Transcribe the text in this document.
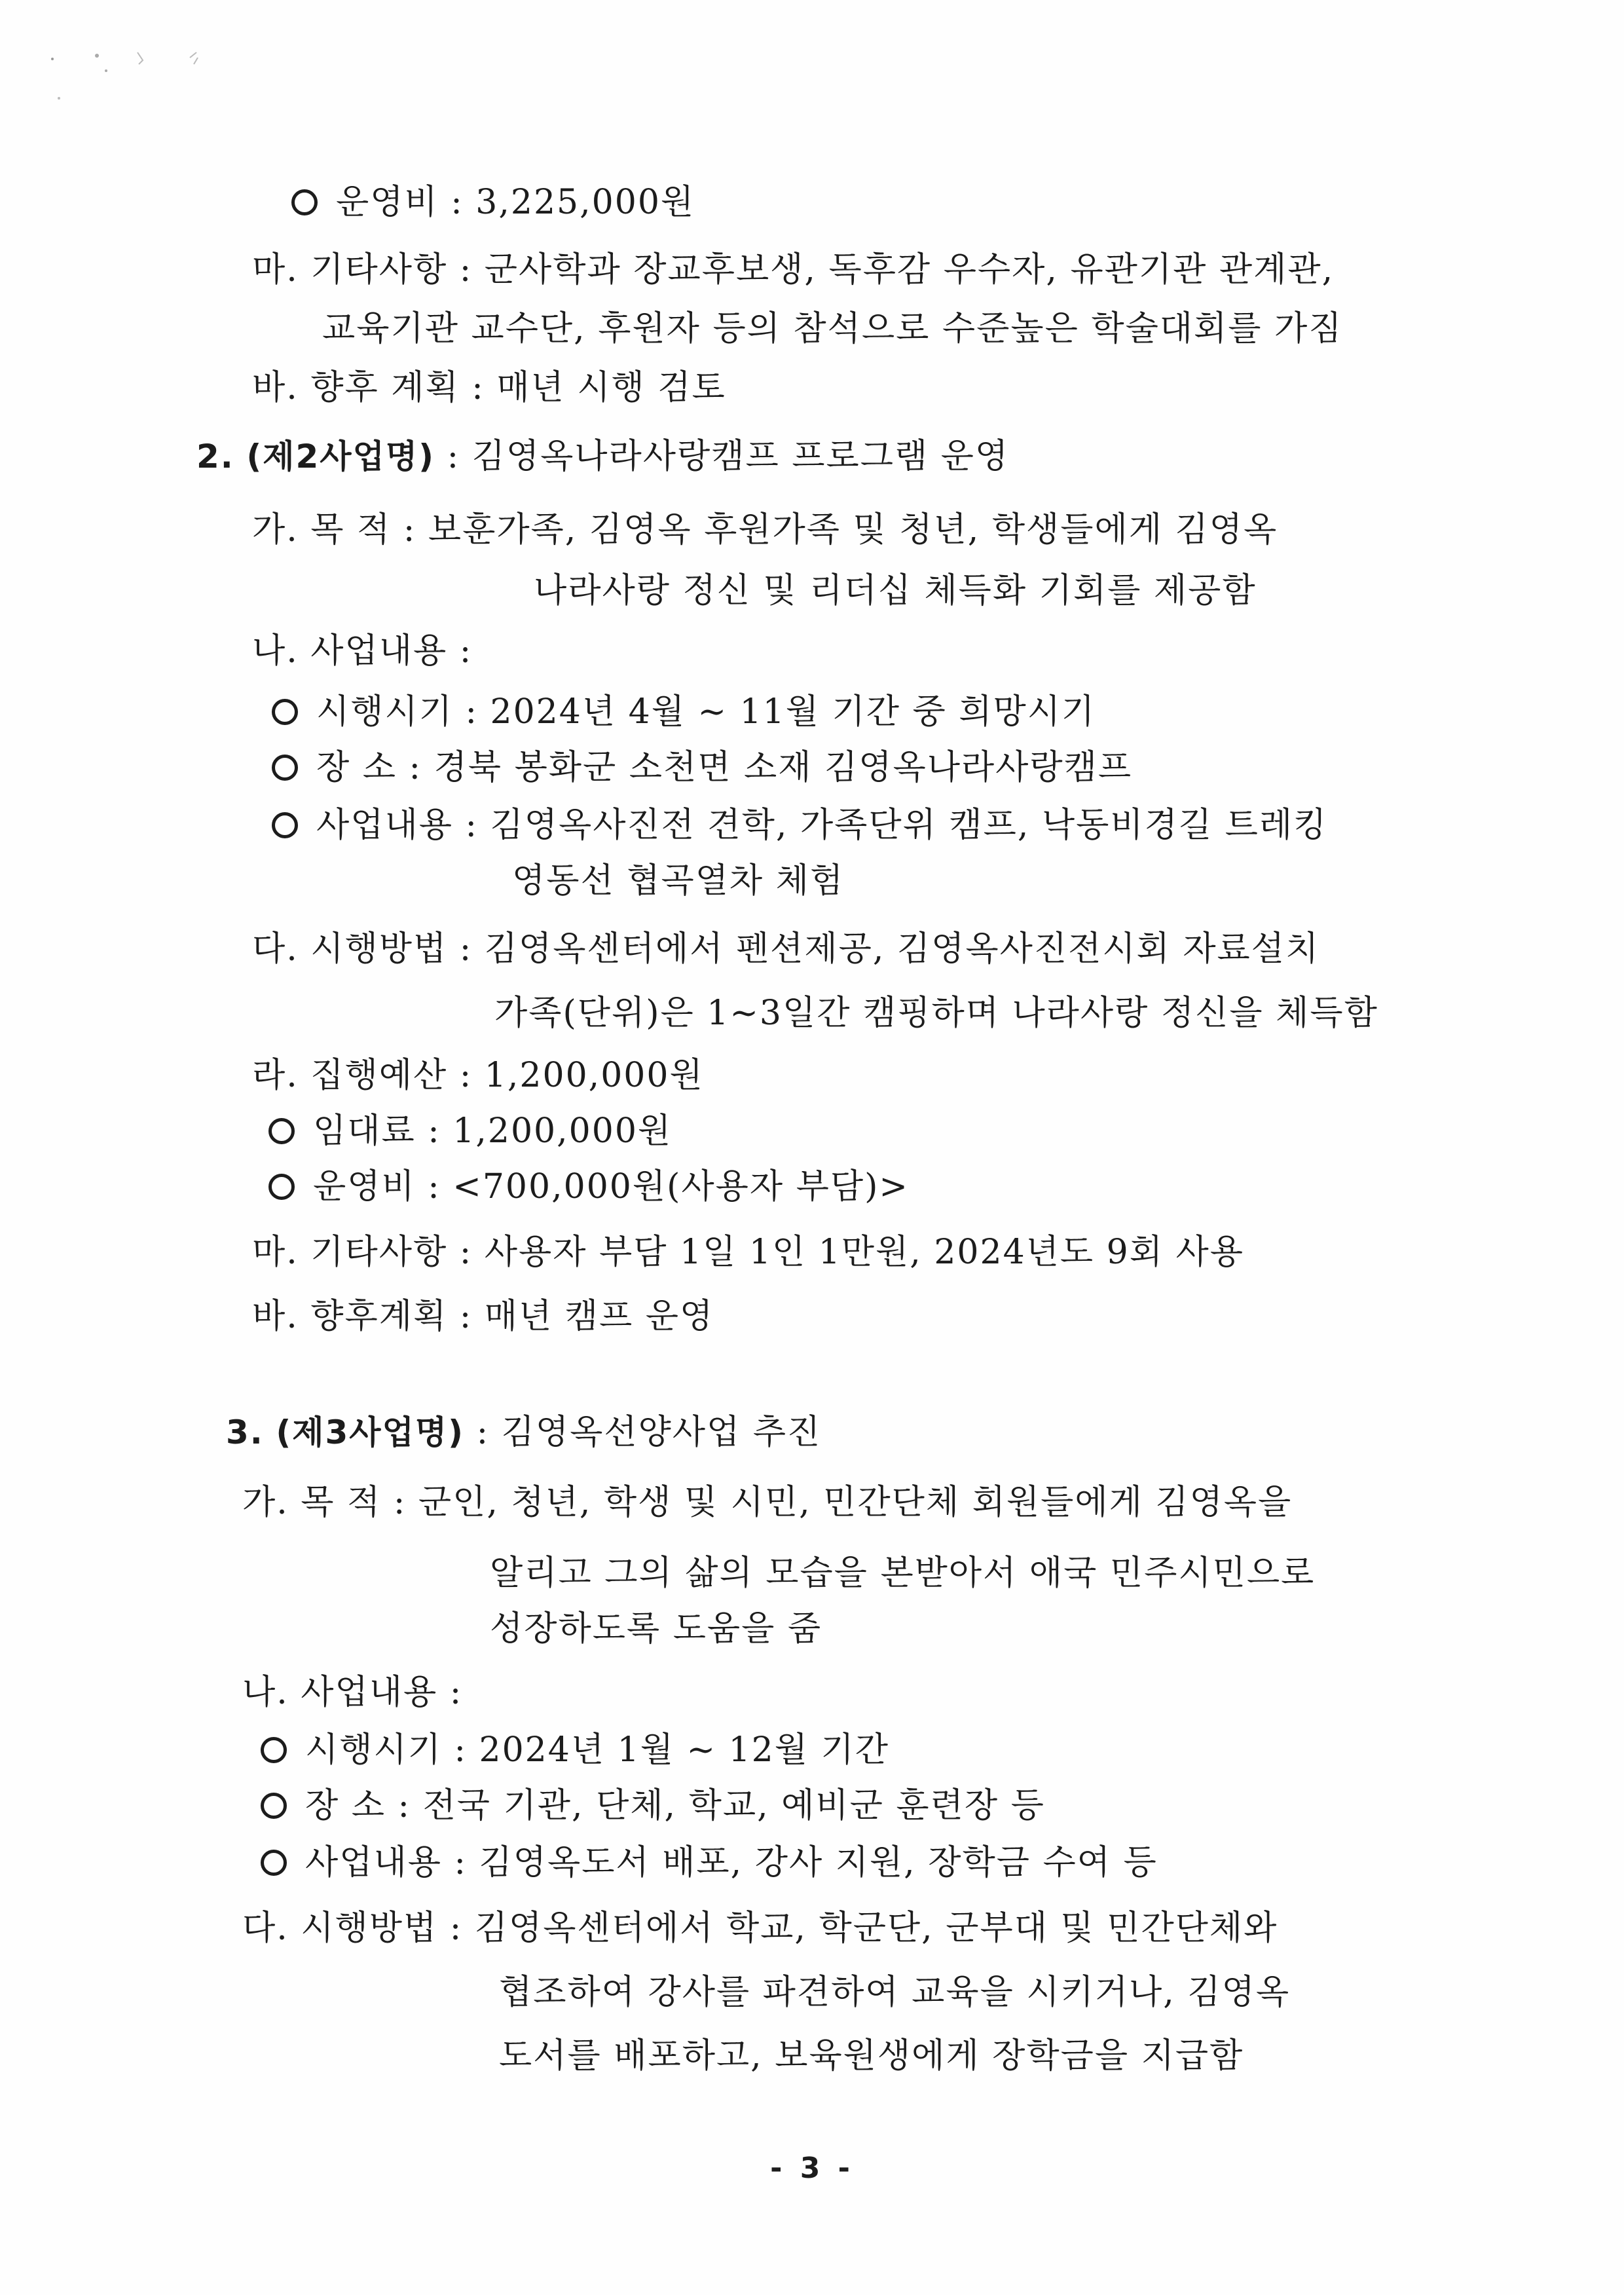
운영비 : 3,225,000원
마. 기타사항 : 군사학과 장교후보생, 독후감 우수자, 유관기관 관계관,
교육기관 교수단, 후원자 등의 참석으로 수준높은 학술대회를 가짐
바. 향후 계획 : 매년 시행 검토
2. (제2사업명) : 김영옥나라사랑캠프 프로그램 운영
가. 목 적 : 보훈가족, 김영옥 후원가족 및 청년, 학생들에게 김영옥
나라사랑 정신 및 리더십 체득화 기회를 제공함
나. 사업내용 :
시행시기 : 2024년 4월 ~ 11월 기간 중 희망시기
장 소 : 경북 봉화군 소천면 소재 김영옥나라사랑캠프
사업내용 : 김영옥사진전 견학, 가족단위 캠프, 낙동비경길 트레킹
영동선 협곡열차 체험
다. 시행방법 : 김영옥센터에서 펜션제공, 김영옥사진전시회 자료설치
가족(단위)은 1~3일간 캠핑하며 나라사랑 정신을 체득함
라. 집행예산 : 1,200,000원
임대료 : 1,200,000원
운영비 : <700,000원(사용자 부담)>
마. 기타사항 : 사용자 부담 1일 1인 1만원, 2024년도 9회 사용
바. 향후계획 : 매년 캠프 운영
3. (제3사업명) : 김영옥선양사업 추진
가. 목 적 : 군인, 청년, 학생 및 시민, 민간단체 회원들에게 김영옥을
알리고 그의 삶의 모습을 본받아서 애국 민주시민으로
성장하도록 도움을 줌
나. 사업내용 :
시행시기 : 2024년 1월 ~ 12월 기간
장 소 : 전국 기관, 단체, 학교, 예비군 훈련장 등
사업내용 : 김영옥도서 배포, 강사 지원, 장학금 수여 등
다. 시행방법 : 김영옥센터에서 학교, 학군단, 군부대 및 민간단체와
협조하여 강사를 파견하여 교육을 시키거나, 김영옥
도서를 배포하고, 보육원생에게 장학금을 지급함
- 3 -
